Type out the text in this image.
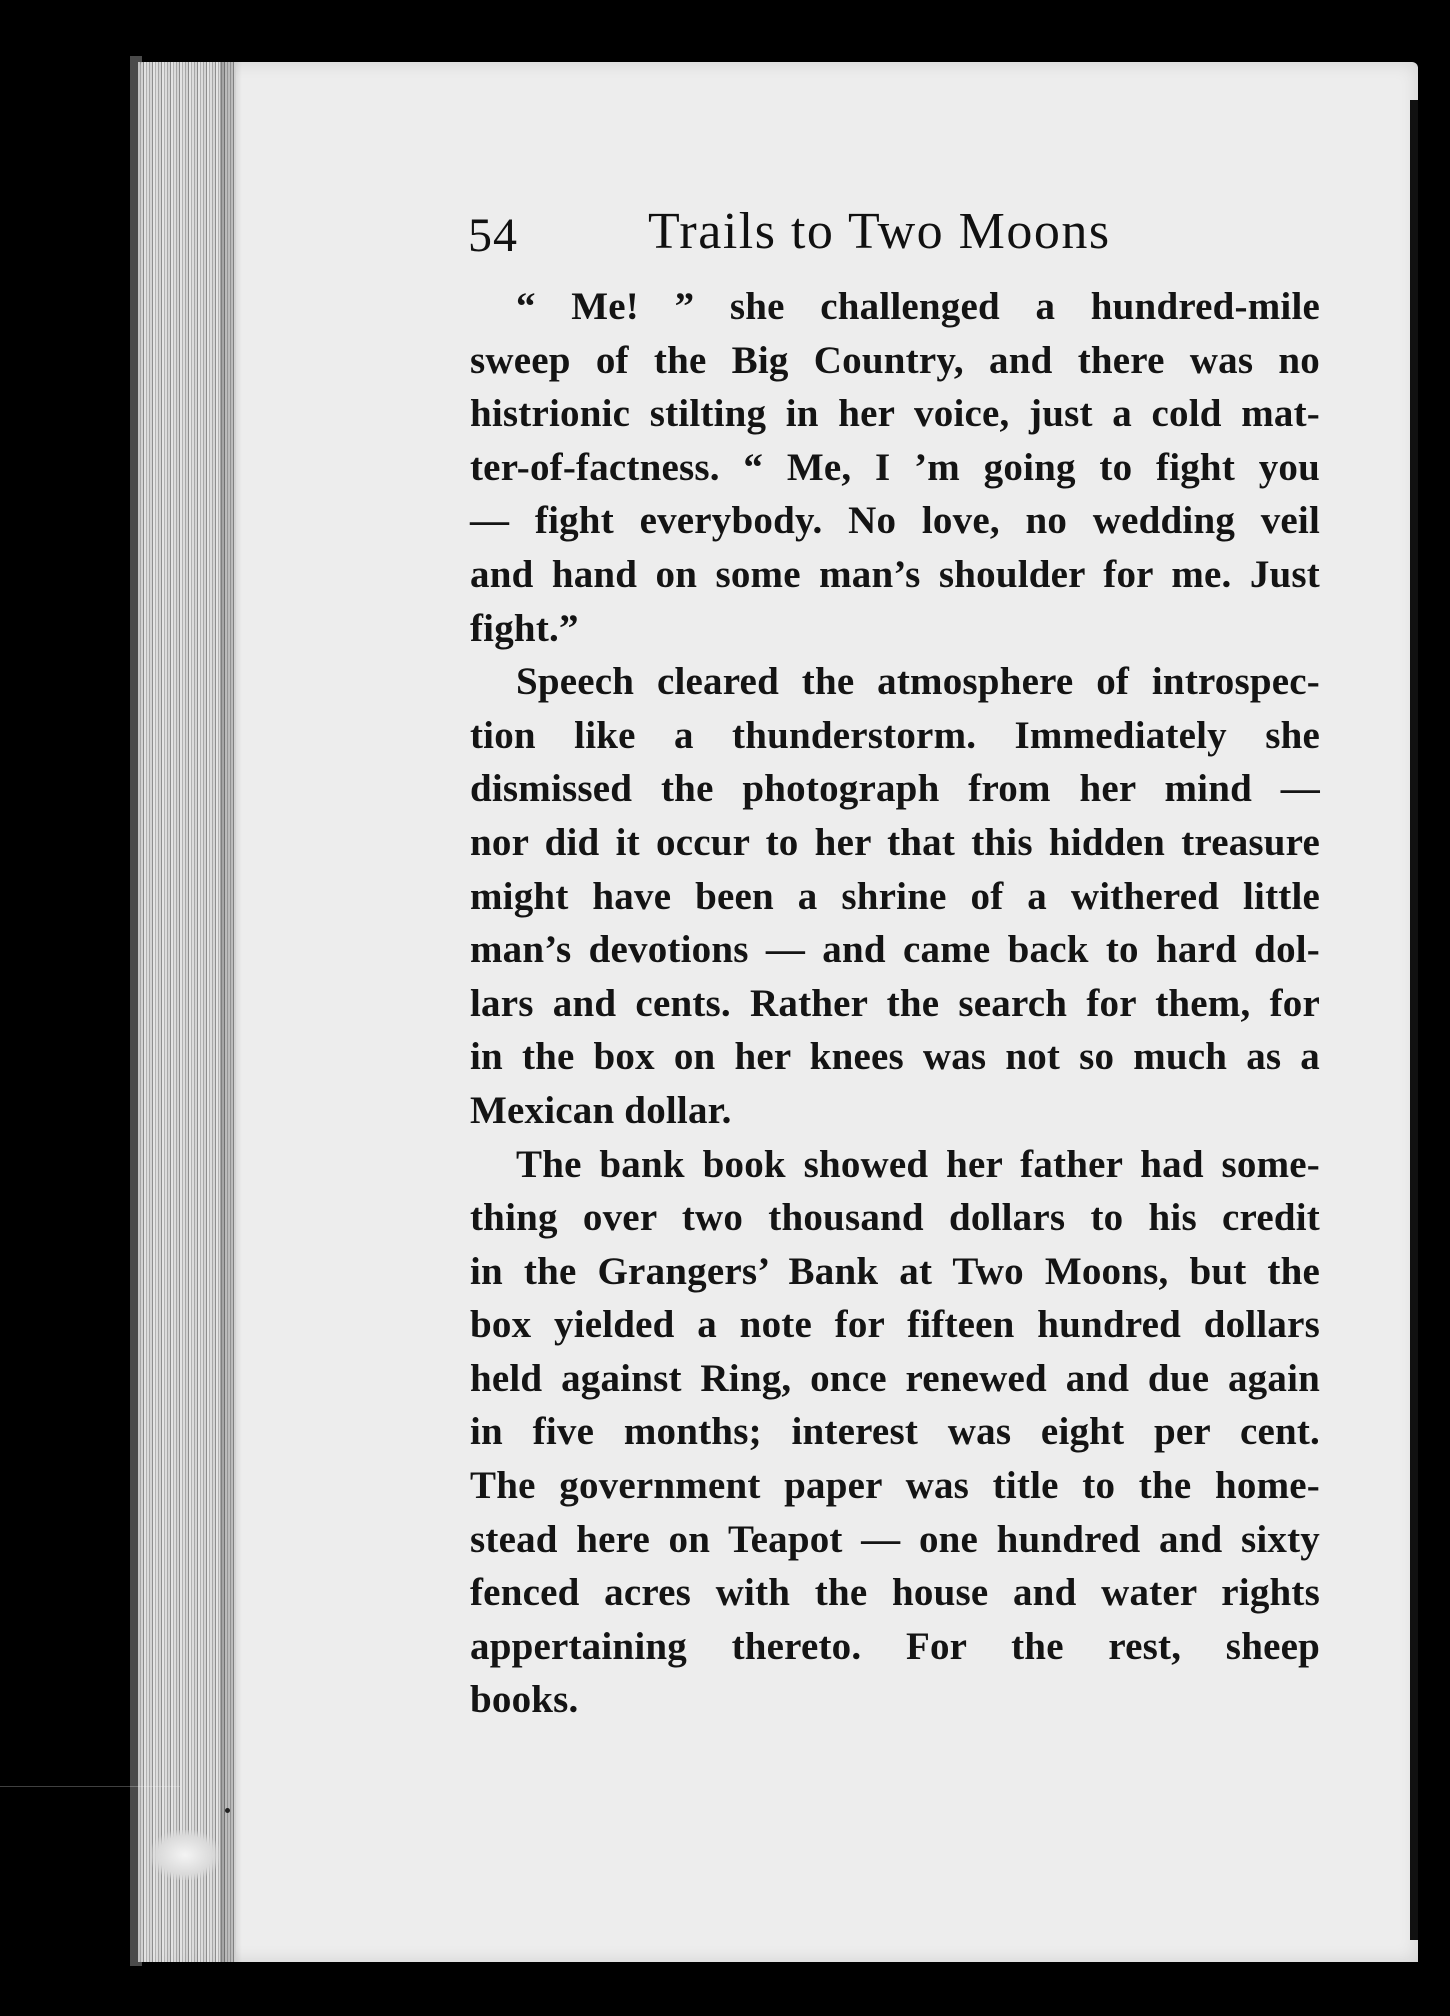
54	Trails to Two Moons
“ Me! ” she challenged a hundred-mile
sweep of the Big Country, and there was no
histrionic stilting in her voice, just a cold mat-
ter-of-factness. “ Me, I ’m going to fight you
— fight everybody. No love, no wedding veil
and hand on some man’s shoulder for me. Just
fight.”
Speech cleared the atmosphere of introspec-
tion like a thunderstorm. Immediately she
dismissed the photograph from her mind —
nor did it occur to her that this hidden treasure
might have been a shrine of a withered little
man’s devotions — and came back to hard dol-
lars and cents. Rather the search for them, for
in the box on her knees was not so much as a
Mexican dollar.
The bank book showed her father had some-
thing over two thousand dollars to his credit
in the Grangers’ Bank at Two Moons, but the
box yielded a note for fifteen hundred dollars
held against Ring, once renewed and due again
in five months; interest was eight per cent.
The government paper was title to the home-
stead here on Teapot — one hundred and sixty
fenced acres with the house and water rights
appertaining thereto. For the rest, sheep
books.
